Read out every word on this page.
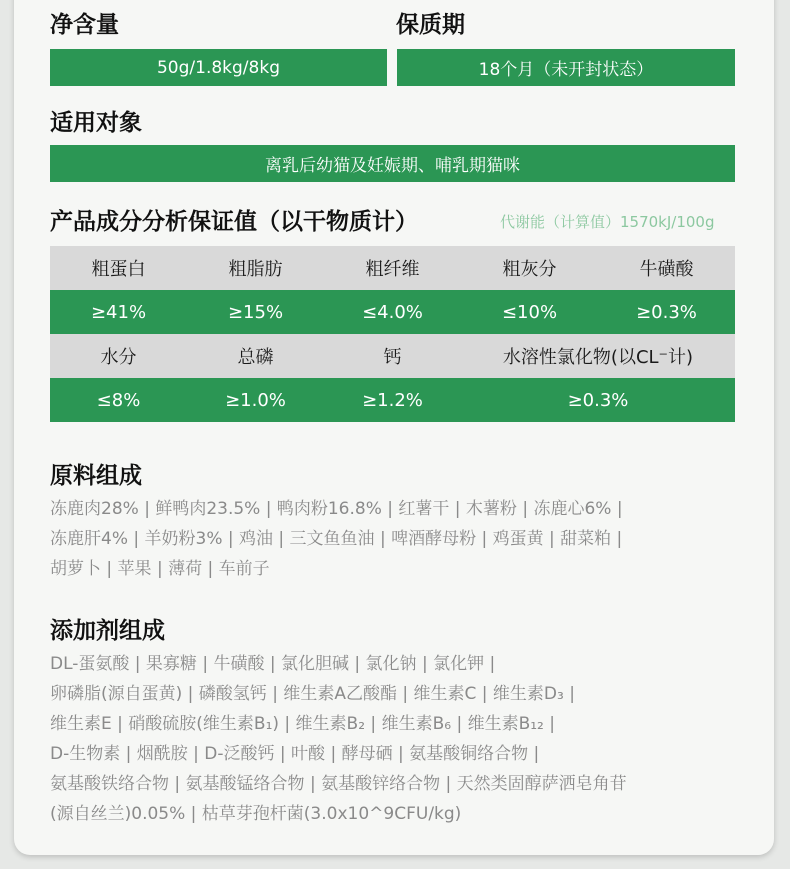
净含量	保质期
50g/1.8kg/8kg	18个月（未开封状态）
适用对象
离乳后幼猫及妊娠期、哺乳期猫咪
产品成分分析保证值（以干物质计）	代谢能（计算值）1570kJ/100g
粗蛋白	粗脂肪	粗纤维	粗灰分	牛磺酸
≥41%	≥15%	≤4.0%	≤10%	≥0.3%
水分	总磷	钙	水溶性氯化物(以CL⁻计)
≤8%	≥1.0%	≥1.2%	≥0.3%
原料组成
冻鹿肉28% | 鲜鸭肉23.5% | 鸭肉粉16.8% | 红薯干 | 木薯粉 | 冻鹿心6% |
冻鹿肝4% | 羊奶粉3% | 鸡油 | 三文鱼鱼油 | 啤酒酵母粉 | 鸡蛋黄 | 甜菜粕 |
胡萝卜 | 苹果 | 薄荷 | 车前子
添加剂组成
DL-蛋氨酸 | 果寡糖 | 牛磺酸 | 氯化胆碱 | 氯化钠 | 氯化钾 |
卵磷脂(源自蛋黄) | 磷酸氢钙 | 维生素A乙酸酯 | 维生素C | 维生素D₃ |
维生素E | 硝酸硫胺(维生素B₁) | 维生素B₂ | 维生素B₆ | 维生素B₁₂ |
D-生物素 | 烟酰胺 | D-泛酸钙 | 叶酸 | 酵母硒 | 氨基酸铜络合物 |
氨基酸铁络合物 | 氨基酸锰络合物 | 氨基酸锌络合物 | 天然类固醇萨洒皂角苷
(源自丝兰)0.05% | 枯草芽孢杆菌(3.0x10^9CFU/kg)
